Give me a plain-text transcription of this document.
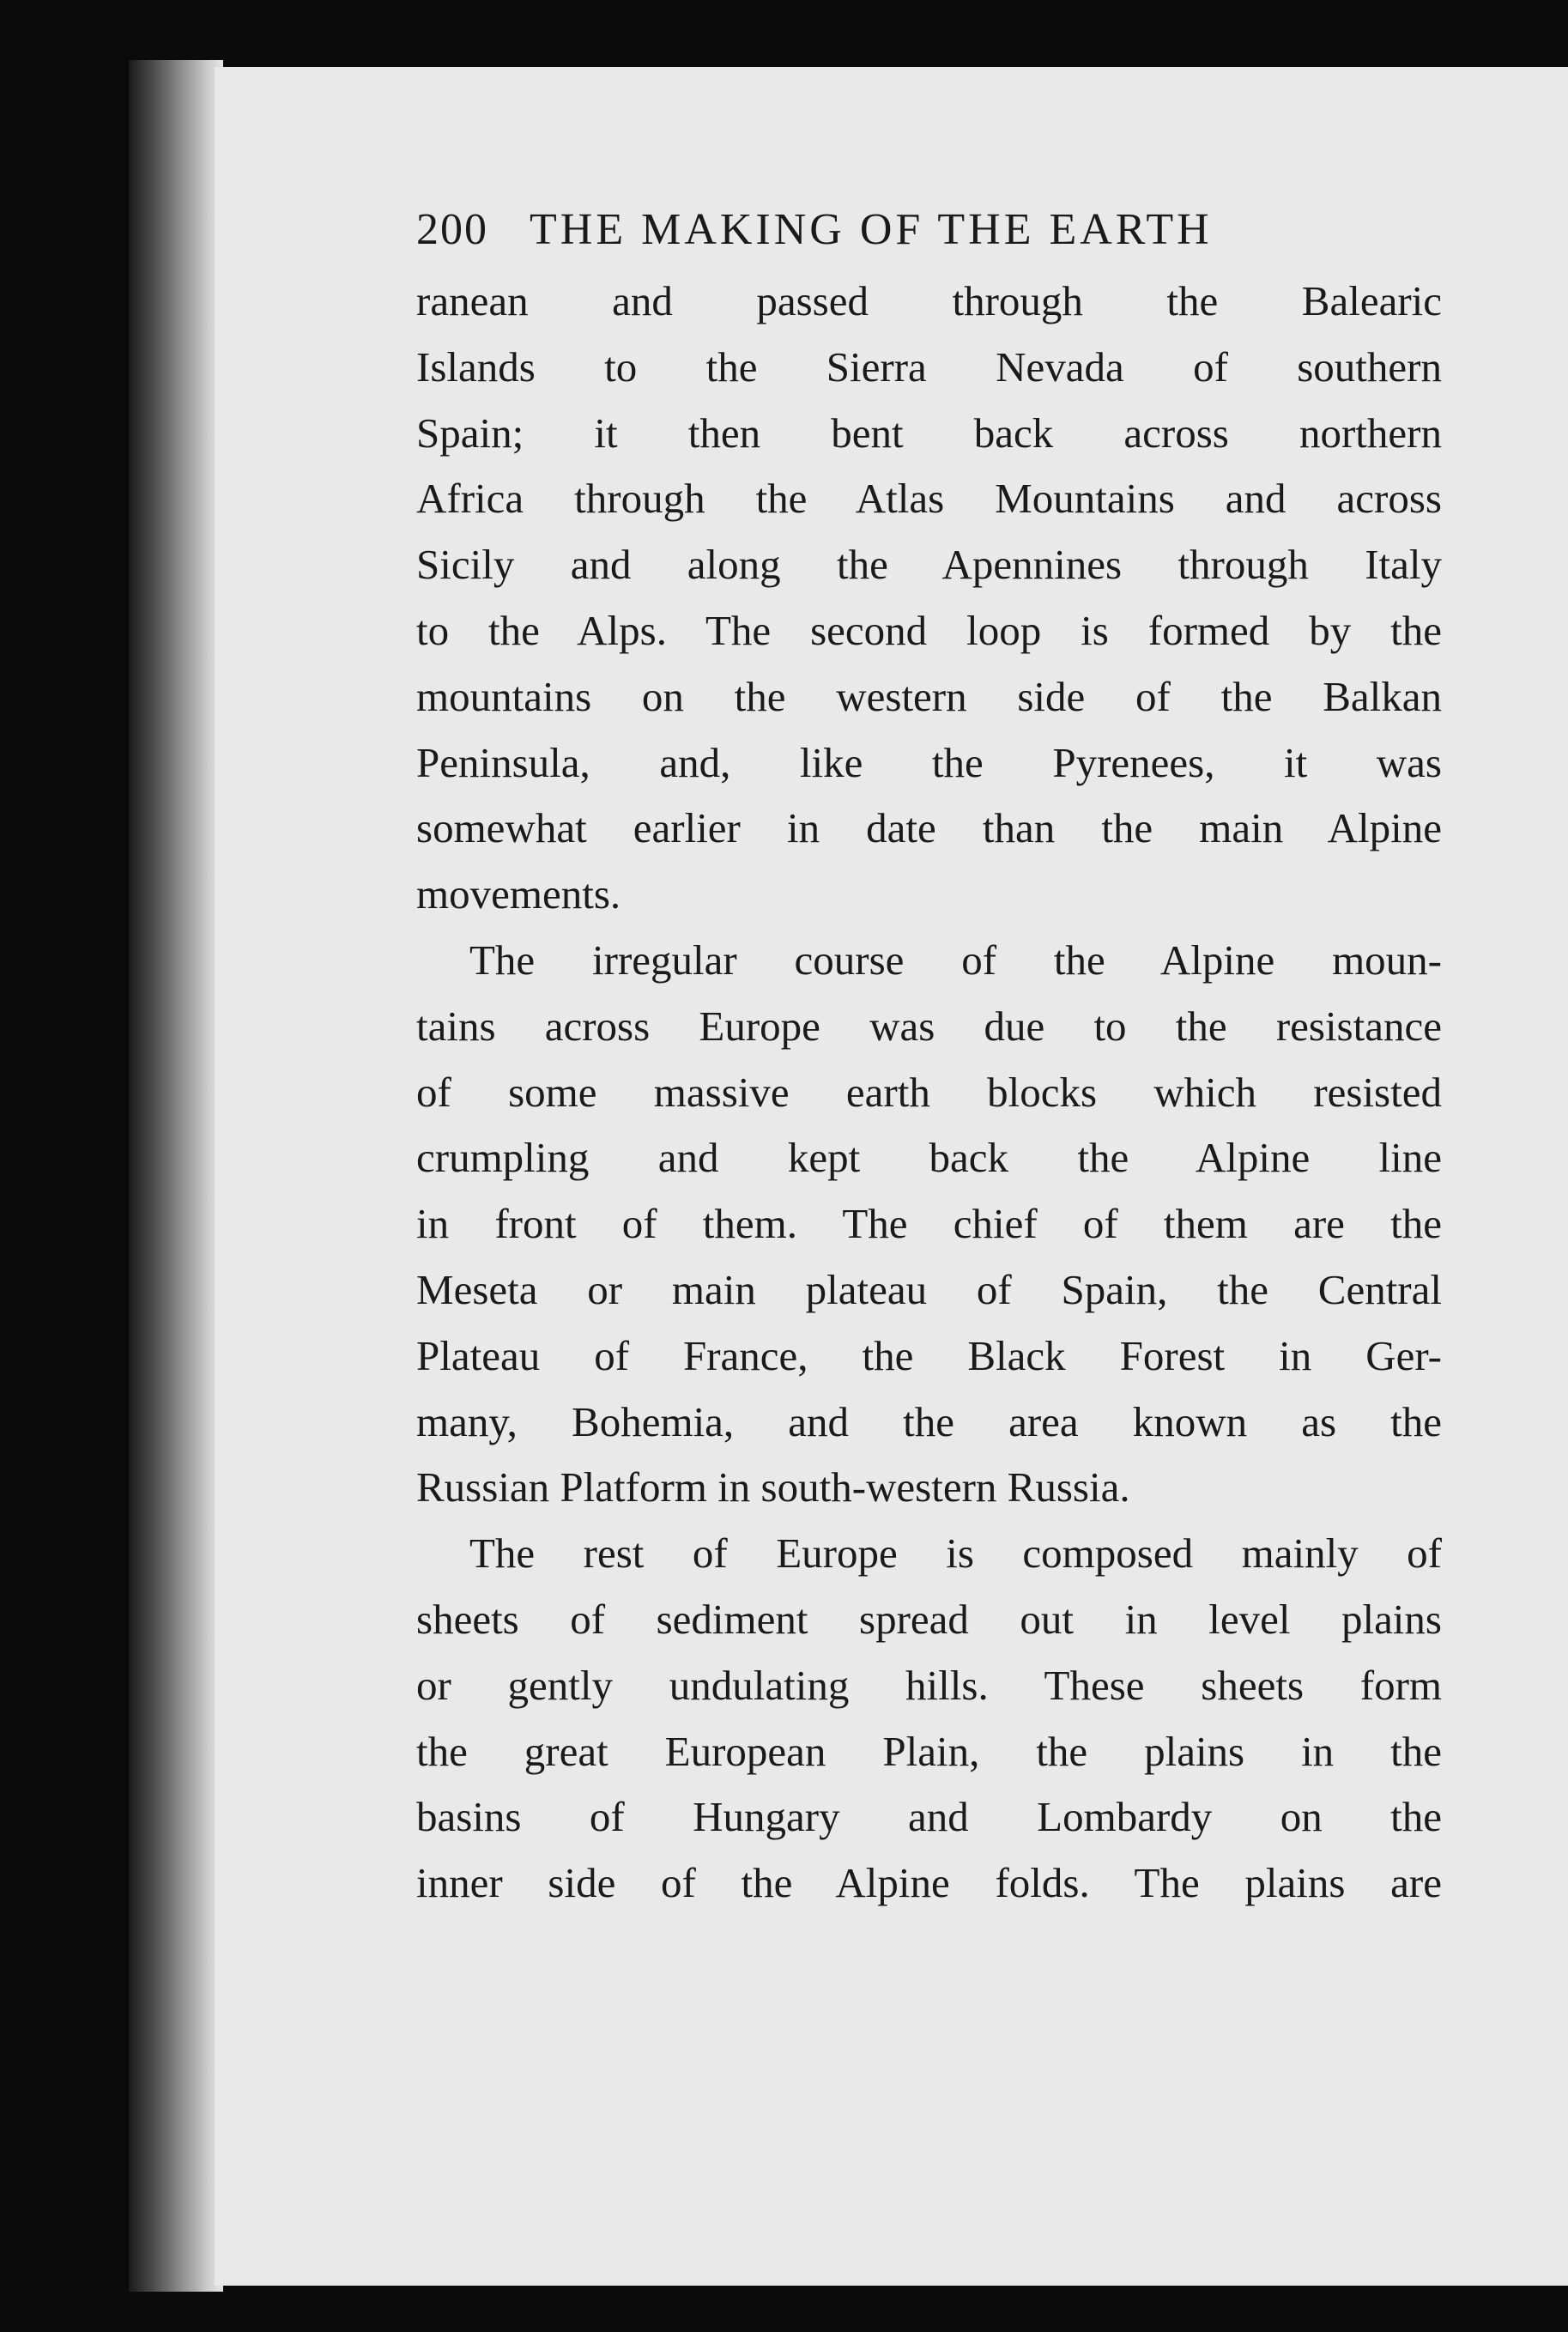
200 THE MAKING OF THE EARTH
ranean and passed through the Balearic
Islands to the Sierra Nevada of southern
Spain; it then bent back across northern
Africa through the Atlas Mountains and across
Sicily and along the Apennines through Italy
to the Alps. The second loop is formed by the
mountains on the western side of the Balkan
Peninsula, and, like the Pyrenees, it was
somewhat earlier in date than the main Alpine
movements.
The irregular course of the Alpine moun-
tains across Europe was due to the resistance
of some massive earth blocks which resisted
crumpling and kept back the Alpine line
in front of them. The chief of them are the
Meseta or main plateau of Spain, the Central
Plateau of France, the Black Forest in Ger-
many, Bohemia, and the area known as the
Russian Platform in south-western Russia.
The rest of Europe is composed mainly of
sheets of sediment spread out in level plains
or gently undulating hills. These sheets form
the great European Plain, the plains in the
basins of Hungary and Lombardy on the
inner side of the Alpine folds. The plains are
